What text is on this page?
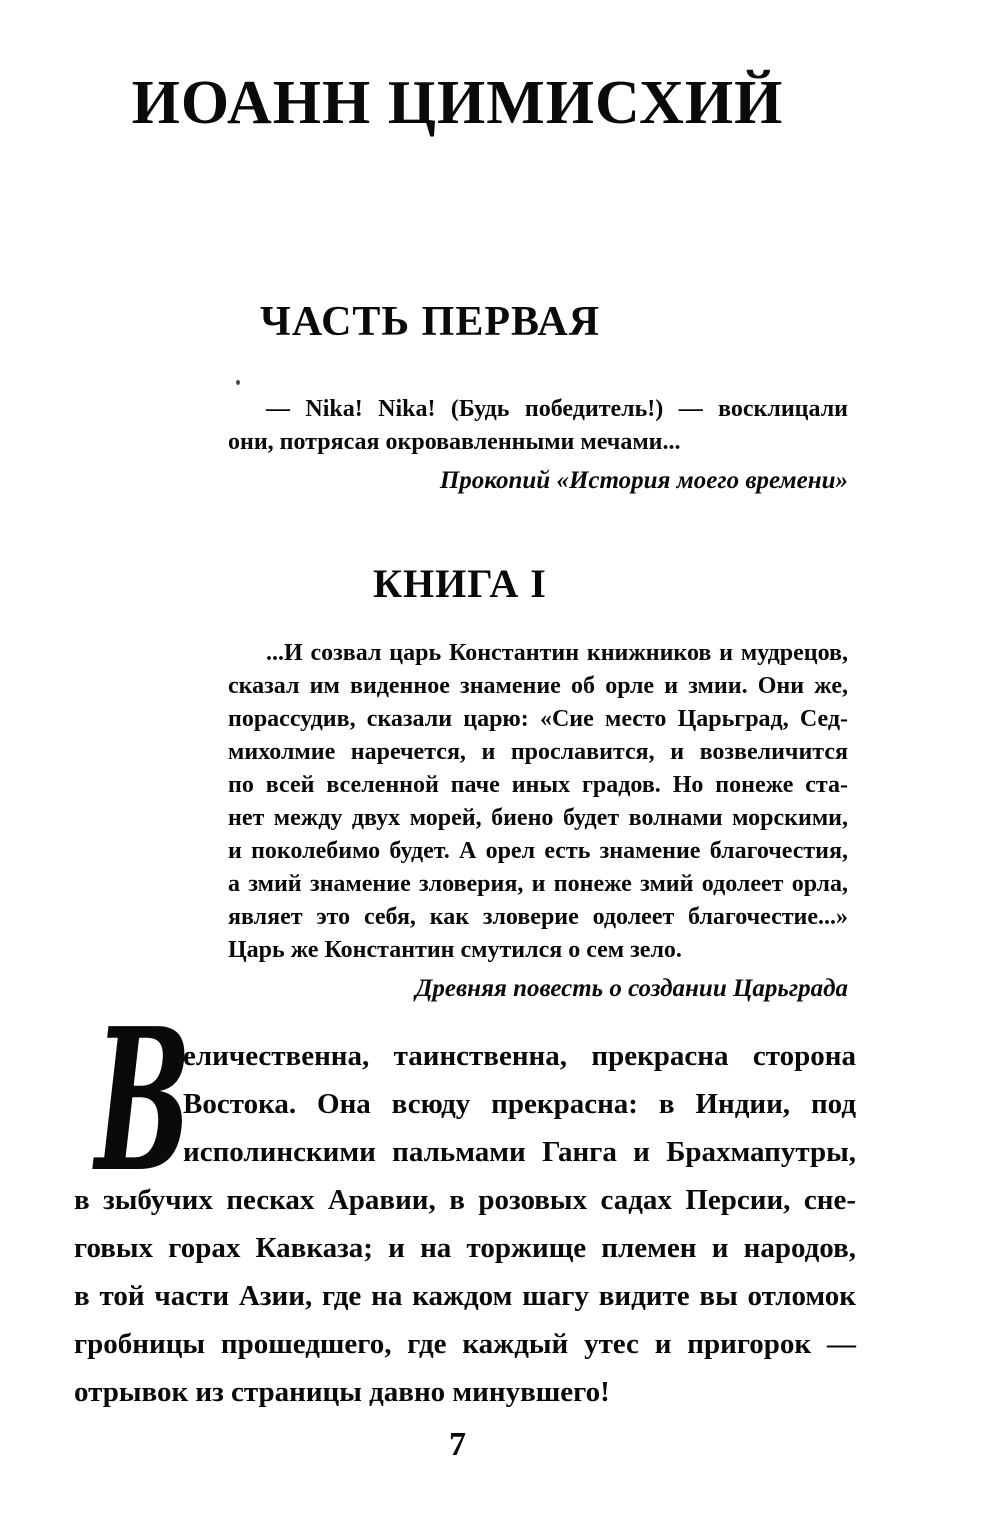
ИОАНН ЦИМИСХИЙ
ЧАСТЬ ПЕРВАЯ
— Nika! Nika! (Будь победитель!) — восклицали
они, потрясая окровавленными мечами...
Прокопий «История моего времени»
КНИГА I
...И созвал царь Константин книжников и мудрецов,
сказал им виденное знамение об орле и змии. Они же,
порассудив, сказали царю: «Сие место Царьград, Сед-
михолмие наречется, и прославится, и возвеличится
по всей вселенной паче иных градов. Но понеже ста-
нет между двух морей, биено будет волнами морскими,
и поколебимо будет. А орел есть знамение благочестия,
а змий знамение зловерия, и понеже змий одолеет орла,
являет это себя, как зловерие одолеет благочестие...»
Царь же Константин смутился о сем зело.
Древняя повесть о создании Царьграда
В
еличественна, таинственна, прекрасна сторона
Востока. Она всюду прекрасна: в Индии, под
исполинскими пальмами Ганга и Брахмапутры,
в зыбучих песках Аравии, в розовых садах Персии, сне-
говых горах Кавказа; и на торжище племен и народов,
в той части Азии, где на каждом шагу видите вы отломок
гробницы прошедшего, где каждый утес и пригорок —
отрывок из страницы давно минувшего!
7
